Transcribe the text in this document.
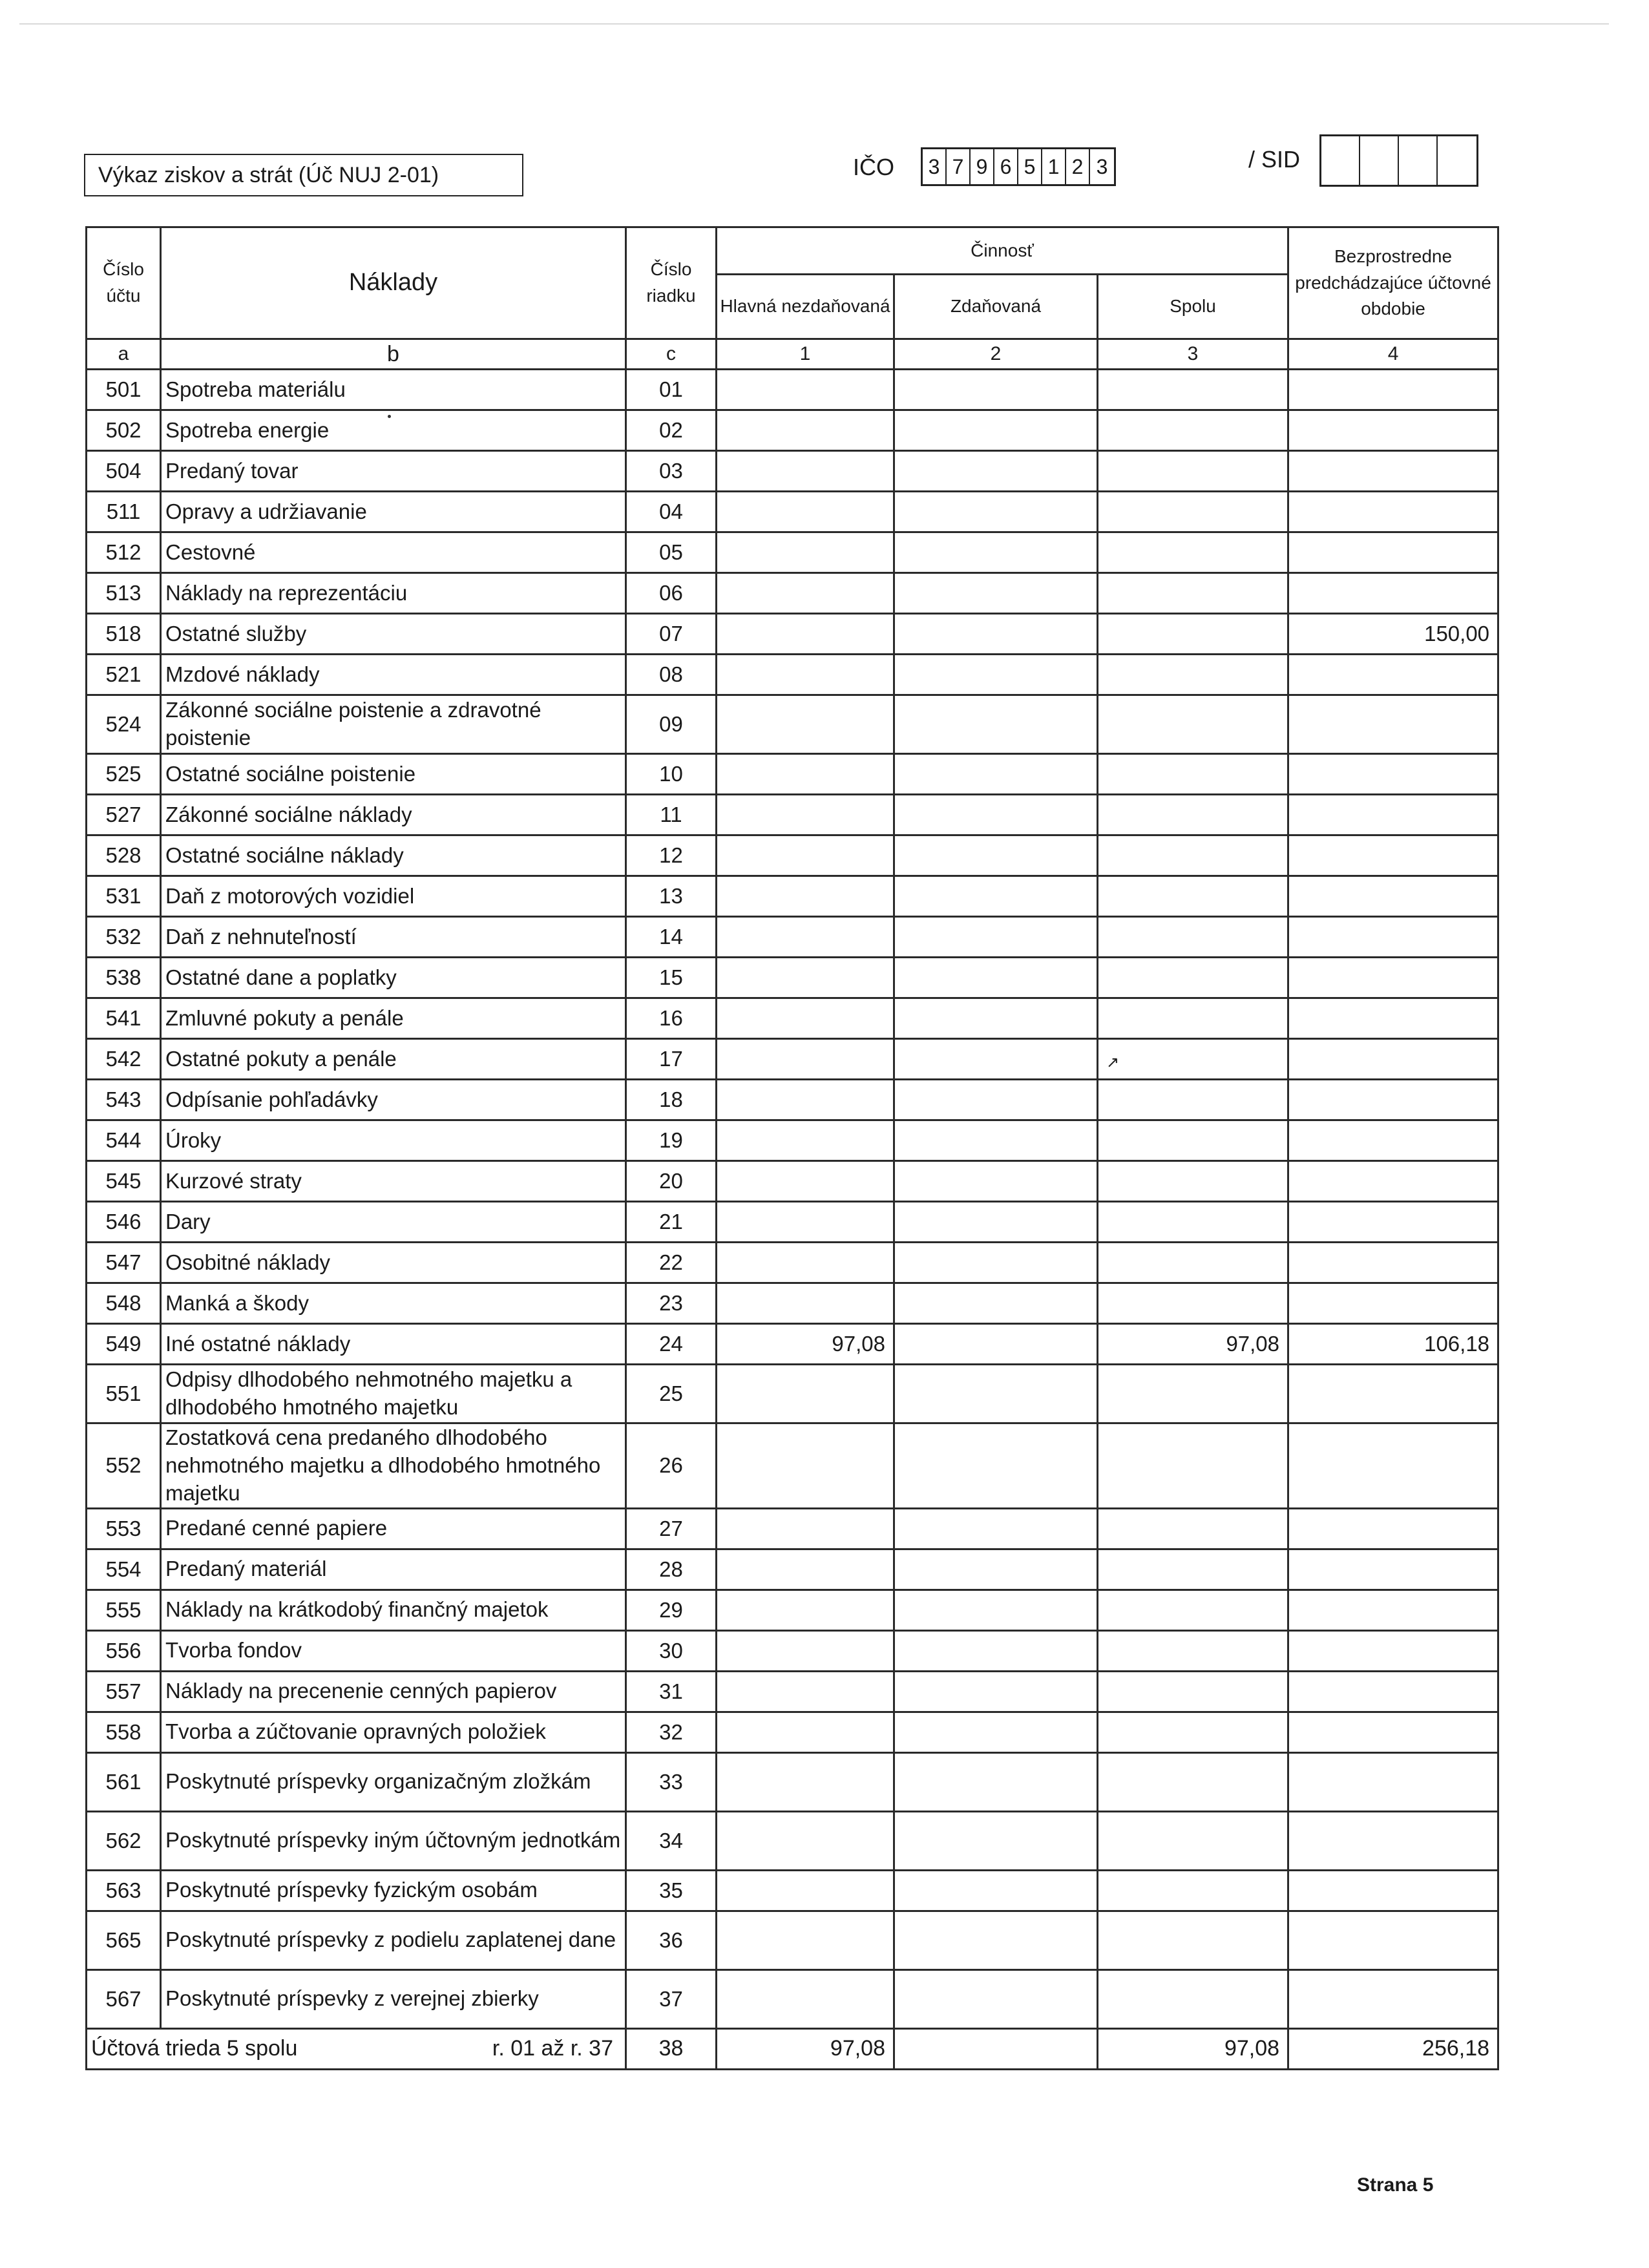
Výkaz ziskov a strát (Úč NUJ 2-01)	IČO 3 7 9 6 5 1 2 3	/ SID
Číslo účtu	Náklady	Číslo riadku	Činnosť			Bezprostredne predchádzajúce účtovné obdobie
			Hlavná nezdaňovaná	Zdaňovaná	Spolu	
a	b	c	1	2	3	4
501	Spotreba materiálu	01				
502	Spotreba energie	02				
504	Predaný tovar	03				
511	Opravy a udržiavanie	04				
512	Cestovné	05				
513	Náklady na reprezentáciu	06				
518	Ostatné služby	07				150,00
521	Mzdové náklady	08				
524	Zákonné sociálne poistenie a zdravotné poistenie	09				
525	Ostatné sociálne poistenie	10				
527	Zákonné sociálne náklady	11				
528	Ostatné sociálne náklady	12				
531	Daň z motorových vozidiel	13				
532	Daň z nehnuteľností	14				
538	Ostatné dane a poplatky	15				
541	Zmluvné pokuty a penále	16				
542	Ostatné pokuty a penále	17				
543	Odpísanie pohľadávky	18				
544	Úroky	19				
545	Kurzové straty	20				
546	Dary	21				
547	Osobitné náklady	22				
548	Manká a škody	23				
549	Iné ostatné náklady	24	97,08		97,08	106,18
551	Odpisy dlhodobého nehmotného majetku a dlhodobého hmotného majetku	25				
552	Zostatková cena predaného dlhodobého nehmotného majetku a dlhodobého hmotného majetku	26				
553	Predané cenné papiere	27				
554	Predaný materiál	28				
555	Náklady na krátkodobý finančný majetok	29				
556	Tvorba fondov	30				
557	Náklady na precenenie cenných papierov	31				
558	Tvorba a zúčtovanie opravných položiek	32				
561	Poskytnuté príspevky organizačným zložkám	33				
562	Poskytnuté príspevky iným účtovným jednotkám	34				
563	Poskytnuté príspevky fyzickým osobám	35				
565	Poskytnuté príspevky z podielu zaplatenej dane	36				
567	Poskytnuté príspevky z verejnej zbierky	37				

Účtová trieda 5 spolu r. 01 až r. 37		38	97,08		97,08	256,18
↗
Strana 5
